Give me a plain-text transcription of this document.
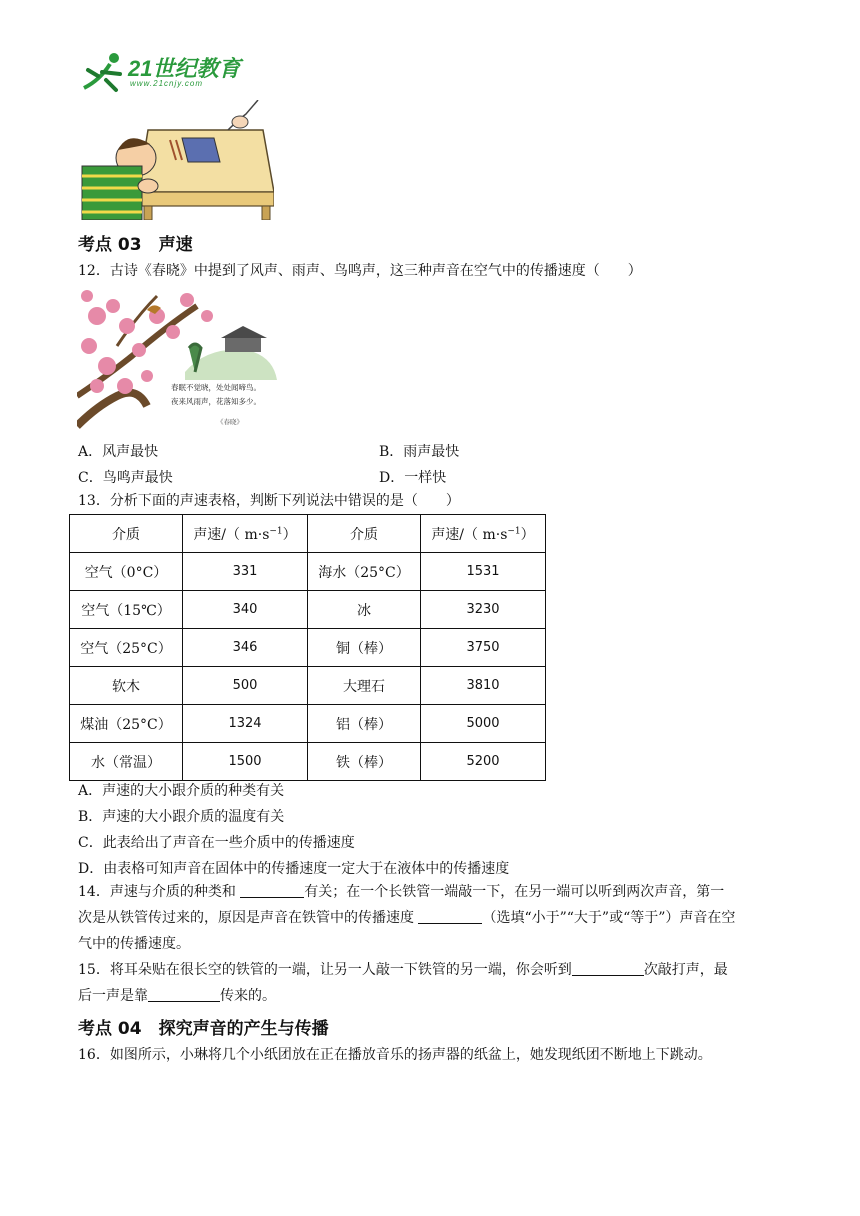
21世纪教育
www.21cnjy.com
考点 03　声速
12．古诗《春晓》中提到了风声、雨声、鸟鸣声，这三种声音在空气中的传播速度（　　）
春眠不觉晓，处处闻啼鸟。
夜来风雨声，花落知多少。
《春晓》
A．风声最快	B．雨声最快
C．鸟鸣声最快	D．一样快
13．分析下面的声速表格，判断下列说法中错误的是（　　）
介质	声速/（ $m\cdot s^{-1}$）	介质	声速/（ $m\cdot s^{-1}$）
空气（0°C）	331	海水（25°C）	1531
空气（15℃）	340	冰	3230
空气（25°C）	346	铜（棒）	3750
软木	500	大理石	3810
煤油（25°C）	1324	铝（棒）	5000
水（常温）	1500	铁（棒）	5200
A．声速的大小跟介质的种类有关
B．声速的大小跟介质的温度有关
C．此表给出了声音在一些介质中的传播速度
D．由表格可知声音在固体中的传播速度一定大于在液体中的传播速度
14．声速与介质的种类和	有关；在一个长铁管一端敲一下，在另一端可以听到两次声音，第一
次是从铁管传过来的，原因是声音在铁管中的传播速度	（选填“小于”“大于”或“等于”）声音在空
气中的传播速度。
15．将耳朵贴在很长空的铁管的一端，让另一人敲一下铁管的另一端，你会听到	次敲打声，最
后一声是靠	传来的。
考点 04　探究声音的产生与传播
16．如图所示，小琳将几个小纸团放在正在播放音乐的扬声器的纸盆上，她发现纸团不断地上下跳动。
